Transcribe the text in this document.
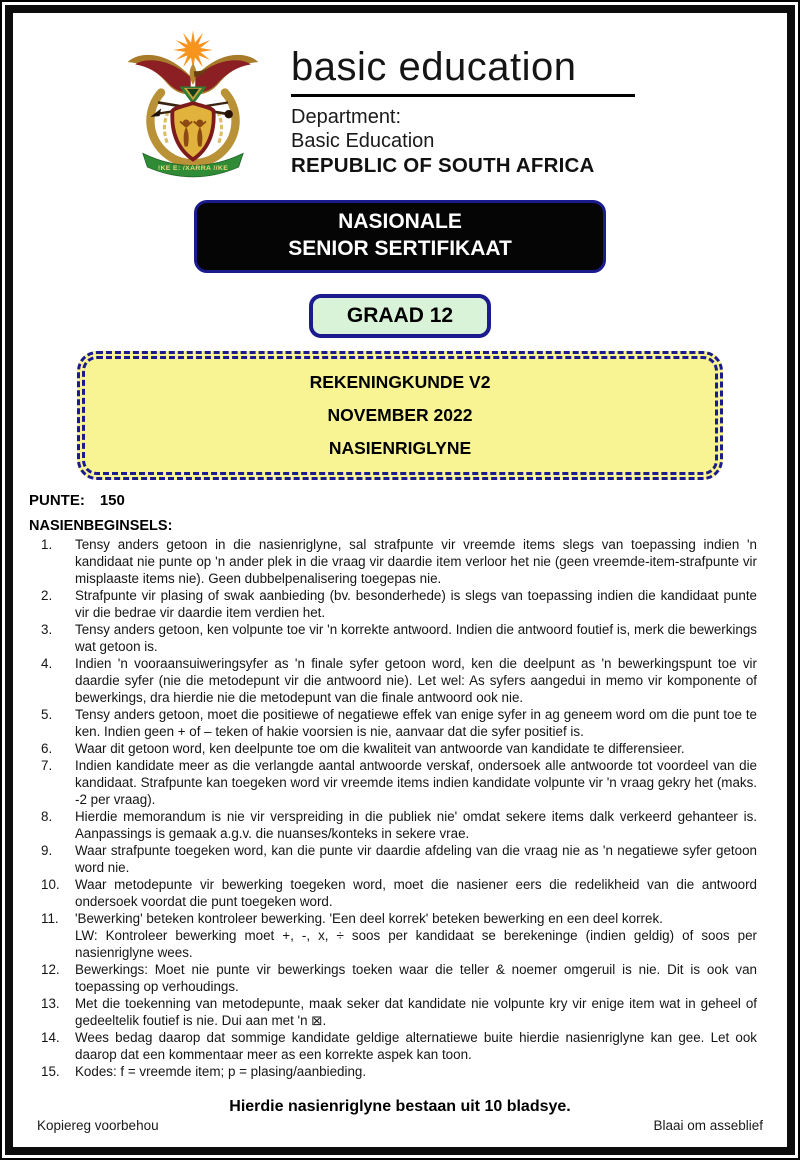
!KE E: /XARRA //KE
basic education
Department:
Basic Education
REPUBLIC OF SOUTH AFRICA
NASIONALE
SENIOR SERTIFIKAAT
GRAAD 12
REKENINGKUNDE V2
NOVEMBER 2022
NASIENRIGLYNE
PUNTE: 150
NASIENBEGINSELS:
1.	Tensy anders getoon in die nasienriglyne, sal strafpunte vir vreemde items slegs van toepassing indien 'n kandidaat nie punte op 'n ander plek in die vraag vir daardie item verloor het nie (geen vreemde-item-strafpunte vir misplaaste items nie). Geen dubbelpenalisering toegepas nie.
2.	Strafpunte vir plasing of swak aanbieding (bv. besonderhede) is slegs van toepassing indien die kandidaat punte vir die bedrae vir daardie item verdien het.
3.	Tensy anders getoon, ken volpunte toe vir 'n korrekte antwoord. Indien die antwoord foutief is, merk die bewerkings wat getoon is.
4.	Indien 'n vooraansuiweringsyfer as 'n finale syfer getoon word, ken die deelpunt as 'n bewerkingspunt toe vir daardie syfer (nie die metodepunt vir die antwoord nie). Let wel: As syfers aangedui in memo vir komponente of bewerkings, dra hierdie nie die metodepunt van die finale antwoord ook nie.
5.	Tensy anders getoon, moet die positiewe of negatiewe effek van enige syfer in ag geneem word om die punt toe te ken. Indien geen + of – teken of hakie voorsien is nie, aanvaar dat die syfer positief is.
6.	Waar dit getoon word, ken deelpunte toe om die kwaliteit van antwoorde van kandidate te differensieer.
7.	Indien kandidate meer as die verlangde aantal antwoorde verskaf, ondersoek alle antwoorde tot voordeel van die kandidaat. Strafpunte kan toegeken word vir vreemde items indien kandidate volpunte vir 'n vraag gekry het (maks. -2 per vraag).
8.	Hierdie memorandum is nie vir verspreiding in die publiek nie' omdat sekere items dalk verkeerd gehanteer is. Aanpassings is gemaak a.g.v. die nuanses/konteks in sekere vrae.
9.	Waar strafpunte toegeken word, kan die punte vir daardie afdeling van die vraag nie as 'n negatiewe syfer getoon word nie.
10.	Waar metodepunte vir bewerking toegeken word, moet die nasiener eers die redelikheid van die antwoord ondersoek voordat die punt toegeken word.
11.	'Bewerking' beteken kontroleer bewerking. 'Een deel korrek' beteken bewerking en een deel korrek.
LW: Kontroleer bewerking moet +, -, x, ÷ soos per kandidaat se berekeninge (indien geldig) of soos per nasienriglyne wees.
12.	Bewerkings: Moet nie punte vir bewerkings toeken waar die teller & noemer omgeruil is nie. Dit is ook van toepassing op verhoudings.
13.	Met die toekenning van metodepunte, maak seker dat kandidate nie volpunte kry vir enige item wat in geheel of gedeeltelik foutief is nie. Dui aan met 'n ⊠.
14.	Wees bedag daarop dat sommige kandidate geldige alternatiewe buite hierdie nasienriglyne kan gee. Let ook daarop dat een kommentaar meer as een korrekte aspek kan toon.
15.	Kodes: f = vreemde item; p = plasing/aanbieding.

Hierdie nasienriglyne bestaan uit 10 bladsye.

Kopiereg voorbehou	Blaai om asseblief
